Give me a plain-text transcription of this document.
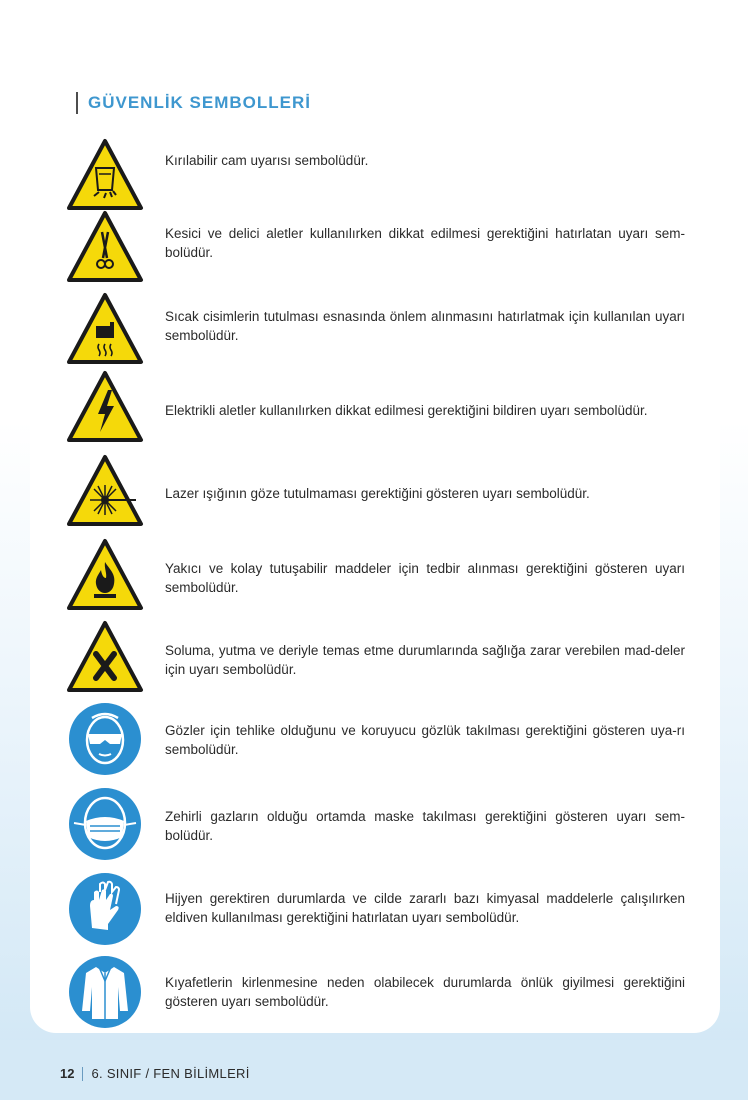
GÜVENLİK SEMBOLLERİ
Kırılabilir cam uyarısı sembolüdür.
Kesici ve delici aletler kullanılırken dikkat edilmesi gerektiğini hatırlatan uyarı sem-bolüdür.
Sıcak cisimlerin tutulması esnasında önlem alınmasını hatırlatmak için kullanılan uyarı sembolüdür.
Elektrikli aletler kullanılırken dikkat edilmesi gerektiğini bildiren uyarı sembolüdür.
Lazer ışığının göze tutulmaması gerektiğini gösteren uyarı sembolüdür.
Yakıcı ve kolay tutuşabilir maddeler için tedbir alınması gerektiğini gösteren uyarı sembolüdür.
Soluma, yutma ve deriyle temas etme durumlarında sağlığa zarar verebilen mad-deler için uyarı sembolüdür.
Gözler için tehlike olduğunu ve koruyucu gözlük takılması gerektiğini gösteren uya-rı sembolüdür.
Zehirli gazların olduğu ortamda maske takılması gerektiğini gösteren uyarı sem-bolüdür.
Hijyen gerektiren durumlarda ve cilde zararlı bazı kimyasal maddelerle çalışılırken eldiven kullanılması gerektiğini hatırlatan uyarı sembolüdür.
Kıyafetlerin kirlenmesine neden olabilecek durumlarda önlük giyilmesi gerektiğini gösteren uyarı sembolüdür.
12 6. SINIF / FEN BİLİMLERİ
